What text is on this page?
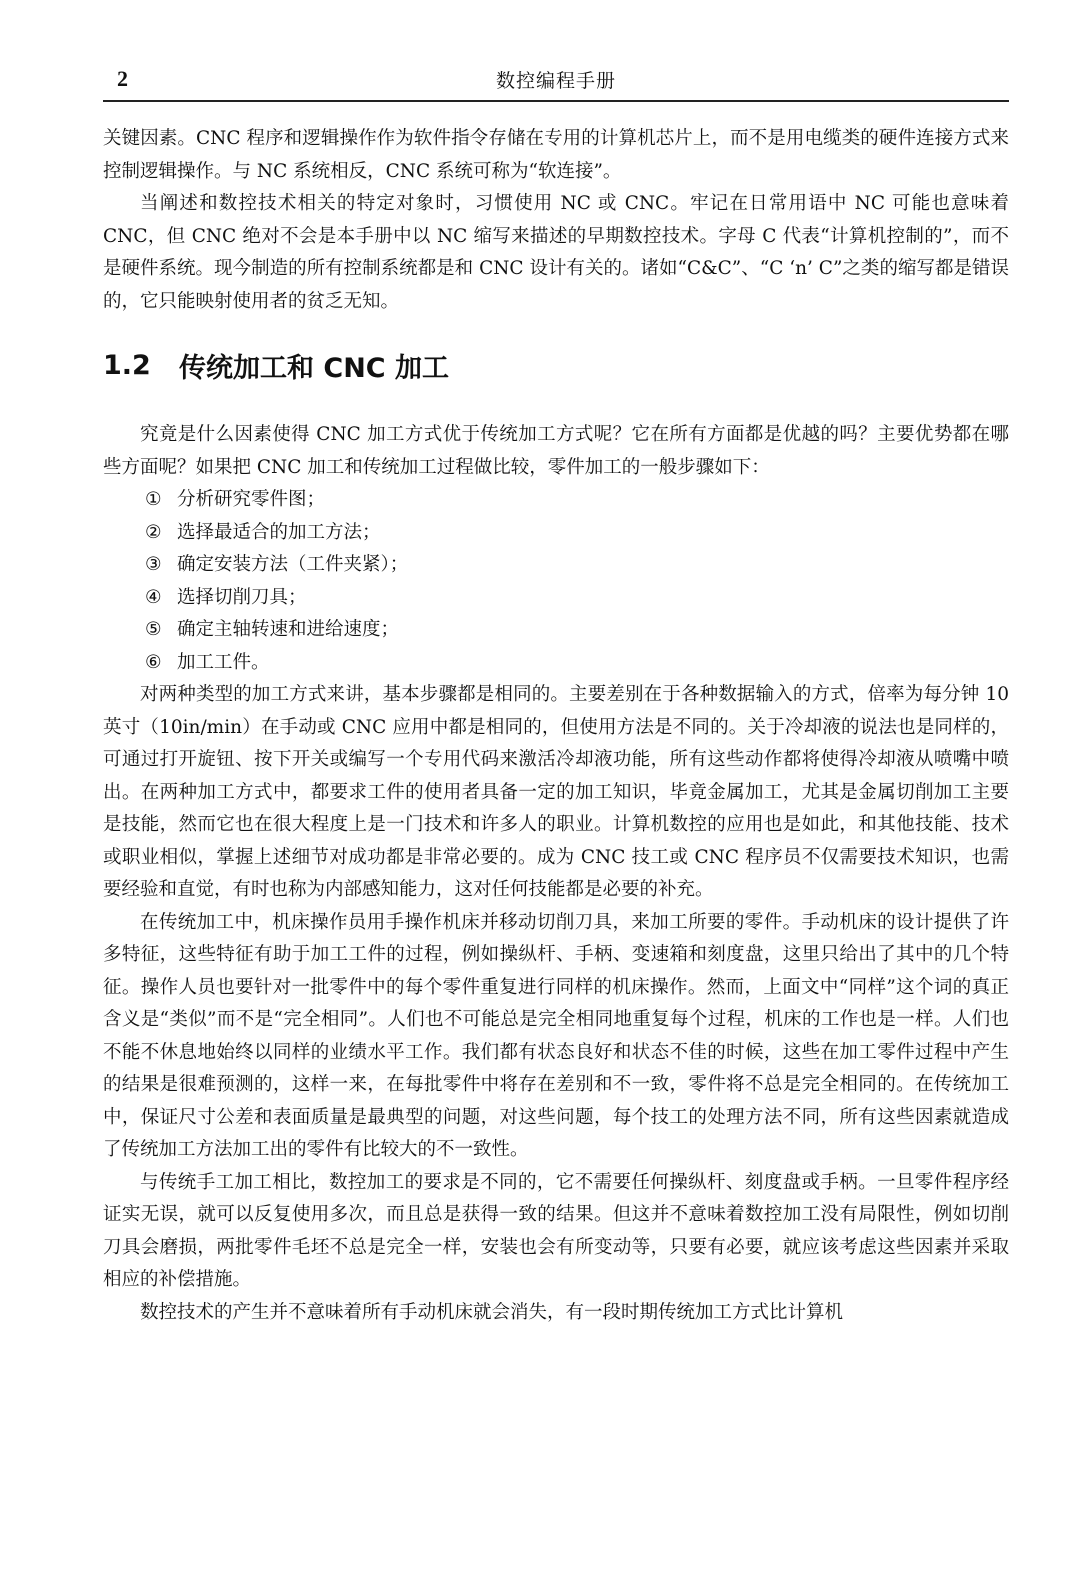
2	数控编程手册

关键因素。CNC 程序和逻辑操作作为软件指令存储在专用的计算机芯片上，而不是用电缆类的硬件连接方式来控制逻辑操作。与 NC 系统相反，CNC 系统可称为“软连接”。

当阐述和数控技术相关的特定对象时，习惯使用 NC 或 CNC。牢记在日常用语中 NC 可能也意味着 CNC，但 CNC 绝对不会是本手册中以 NC 缩写来描述的早期数控技术。字母 C 代表“计算机控制的”，而不是硬件系统。现今制造的所有控制系统都是和 CNC 设计有关的。诸如“C&C”、“C ‘n’ C”之类的缩写都是错误的，它只能映射使用者的贫乏无知。

1.2	传统加工和 CNC 加工

究竟是什么因素使得 CNC 加工方式优于传统加工方式呢？它在所有方面都是优越的吗？主要优势都在哪些方面呢？如果把 CNC 加工和传统加工过程做比较，零件加工的一般步骤如下：

① 分析研究零件图；
② 选择最适合的加工方法；
③ 确定安装方法（工件夹紧）；
④ 选择切削刀具；
⑤ 确定主轴转速和进给速度；
⑥ 加工工件。

对两种类型的加工方式来讲，基本步骤都是相同的。主要差别在于各种数据输入的方式，倍率为每分钟 10 英寸（10in/min）在手动或 CNC 应用中都是相同的，但使用方法是不同的。关于冷却液的说法也是同样的，可通过打开旋钮、按下开关或编写一个专用代码来激活冷却液功能，所有这些动作都将使得冷却液从喷嘴中喷出。在两种加工方式中，都要求工件的使用者具备一定的加工知识，毕竟金属加工，尤其是金属切削加工主要是技能，然而它也在很大程度上是一门技术和许多人的职业。计算机数控的应用也是如此，和其他技能、技术或职业相似，掌握上述细节对成功都是非常必要的。成为 CNC 技工或 CNC 程序员不仅需要技术知识，也需要经验和直觉，有时也称为内部感知能力，这对任何技能都是必要的补充。

在传统加工中，机床操作员用手操作机床并移动切削刀具，来加工所要的零件。手动机床的设计提供了许多特征，这些特征有助于加工工件的过程，例如操纵杆、手柄、变速箱和刻度盘，这里只给出了其中的几个特征。操作人员也要针对一批零件中的每个零件重复进行同样的机床操作。然而，上面文中“同样”这个词的真正含义是“类似”而不是“完全相同”。人们也不可能总是完全相同地重复每个过程，机床的工作也是一样。人们也不能不休息地始终以同样的业绩水平工作。我们都有状态良好和状态不佳的时候，这些在加工零件过程中产生的结果是很难预测的，这样一来，在每批零件中将存在差别和不一致，零件将不总是完全相同的。在传统加工中，保证尺寸公差和表面质量是最典型的问题，对这些问题，每个技工的处理方法不同，所有这些因素就造成了传统加工方法加工出的零件有比较大的不一致性。

与传统手工加工相比，数控加工的要求是不同的，它不需要任何操纵杆、刻度盘或手柄。一旦零件程序经证实无误，就可以反复使用多次，而且总是获得一致的结果。但这并不意味着数控加工没有局限性，例如切削刀具会磨损，两批零件毛坯不总是完全一样，安装也会有所变动等，只要有必要，就应该考虑这些因素并采取相应的补偿措施。

数控技术的产生并不意味着所有手动机床就会消失，有一段时期传统加工方式比计算机
